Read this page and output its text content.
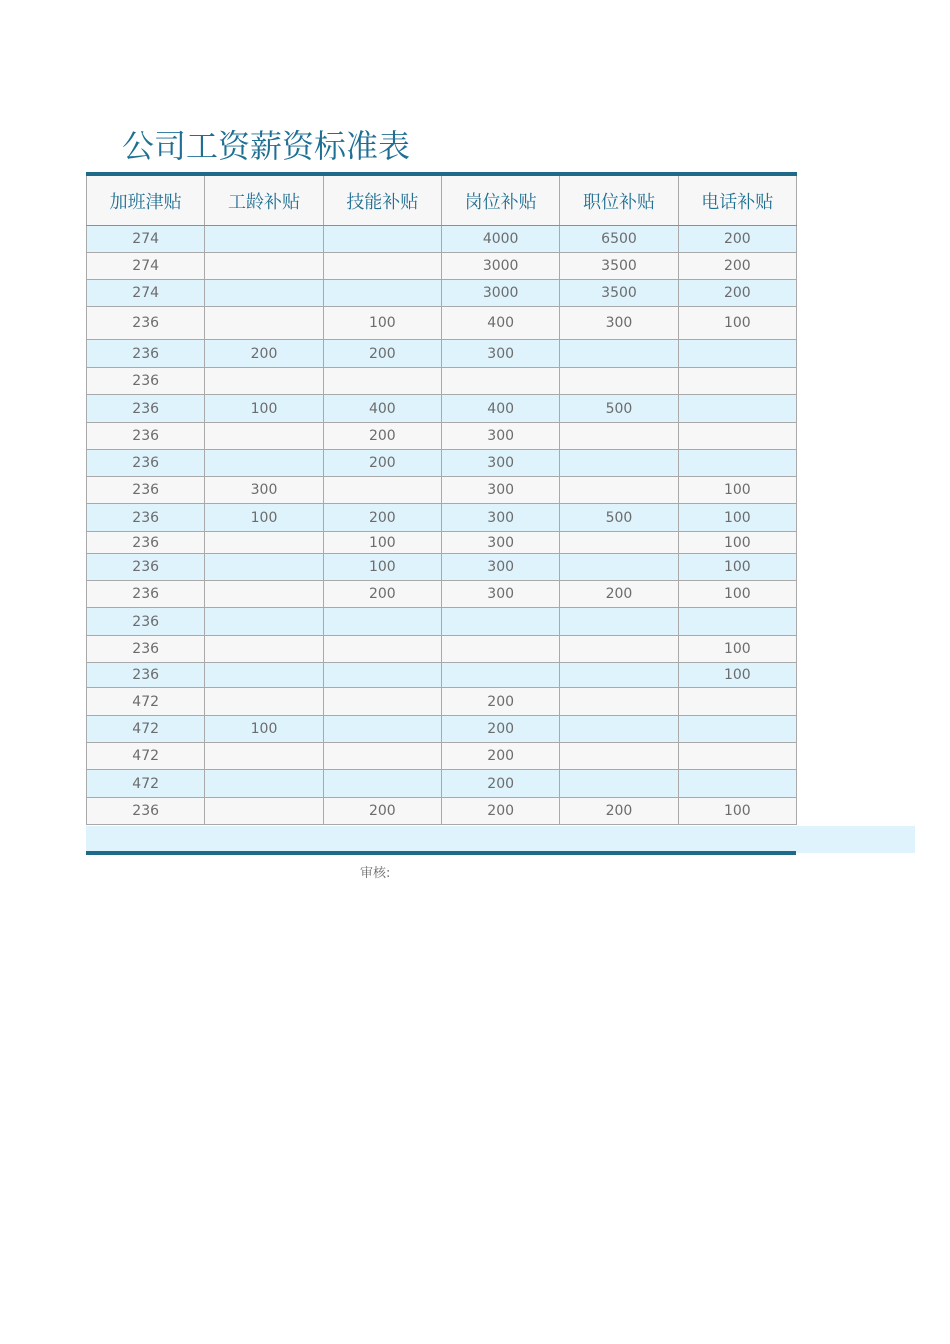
公司工资薪资标准表
加班津贴	工龄补贴	技能补贴	岗位补贴	职位补贴	电话补贴
274			4000	6500	200
274			3000	3500	200
274			3000	3500	200
236		100	400	300	100
236	200	200	300		
236					
236	100	400	400	500	
236		200	300		
236		200	300		
236	300		300		100
236	100	200	300	500	100
236		100	300		100
236		100	300		100
236		200	300	200	100
236					
236					100
236					100
472			200		
472	100		200		
472			200		
472			200		
236		200	200	200	100
审核:
